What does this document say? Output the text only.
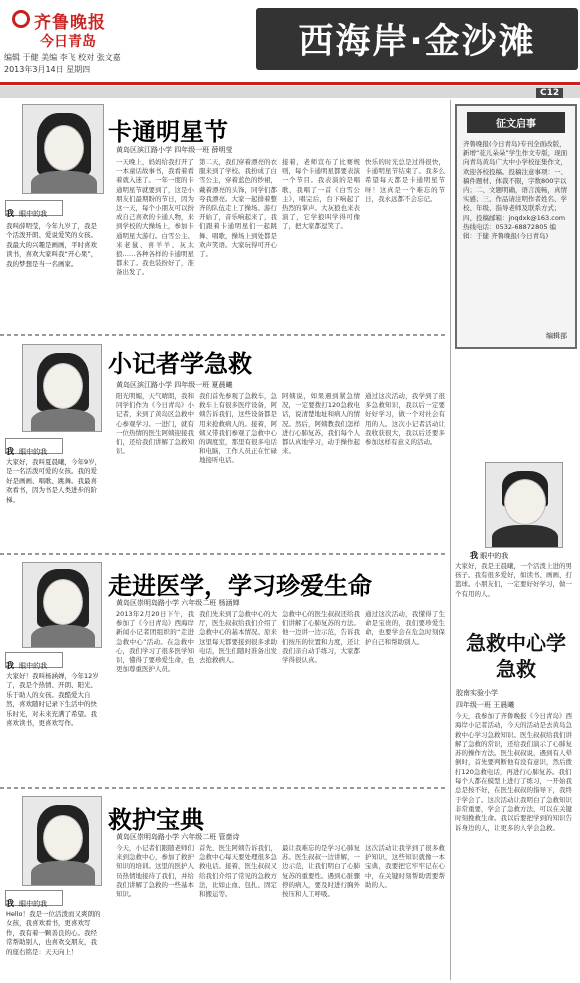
齐鲁晚报
今日青岛
编辑 于健 美编 李飞 校对 张文嘉
2013年3月14日 星期四
西海岸·金沙滩
C12
卡通明星节
黄岛区滨江路小学 四年级一班 薛明莹
我 眼中的我
我叫薛明莹，今年九岁了，我是个活泼开朗、爱说爱笑的女孩。我最大的兴趣是画画，平时喜欢读书，喜欢大家叫我“开心果”，我的梦想是当一名画家。
一天晚上，妈妈给我打开了一本童话故事书，我看着看着就入迷了。一年一度的卡通明星节就要到了，这是小朋友们最期盼的节日，因为这一天，每个小朋友可以扮成自己喜欢的卡通人物，来到学校的大操场上，参加卡通明星大游行。白雪公主、米老鼠、喜羊羊、灰太狼……各种各样的卡通明星都来了。我也装扮好了，准备出发了。
第二天，我们穿着漂亮的衣服来到了学校。我扮成了白雪公主，穿着蓝色的纱裙，戴着漂亮的头饰，同学们都夸我漂亮。大家一起排着整齐的队伍走上了操场。游行开始了，音乐响起来了，我们跟着卡通明星们一起跳舞、唱歌，操场上到处都是欢声笑语。大家玩得可开心了。
接着，老师宣布了比赛规则，每个卡通明星都要表演一个节目。我表演的是唱歌，我唱了一首《白雪公主》，唱完后，台下响起了热烈的掌声。大灰狼也来表演了，它学狼叫学得可像了，把大家都逗笑了。
快乐的时光总是过得很快，卡通明星节结束了。我多么希望每天都是卡通明星节呀！这真是一个难忘的节日，我永远都不会忘记。
小记者学急救
黄岛区滨江路小学 四年级一班 夏晨曦
我 眼中的我
大家好，我叫夏晨曦，今年9岁，是一名活泼可爱的女孩。我的爱好是画画、唱歌、跳舞。我最喜欢看书，因为书是人类进步的阶梯。
阳光明媚，天气晴朗，我和同学们作为《今日青岛》小记者，来到了黄岛区急救中心参观学习。一进门，就有一位热情的医生阿姨迎接我们，还给我们讲解了急救知识。
我们首先参观了急救车，急救车上有很多医疗设备，阿姨告诉我们，这些设备都是用来抢救病人的。接着，阿姨又带我们参观了急救中心的调度室，那里有很多电话和电脑，工作人员正在忙碌地接听电话。
阿姨说，如果遇到紧急情况，一定要拨打120急救电话，说清楚地址和病人的情况。然后，阿姨教我们怎样进行心肺复苏，我们每个人都认真地学习，动手操作起来。
通过这次活动，我学到了很多急救知识，我以后一定要好好学习，做一个对社会有用的人。这次小记者活动让我收获很大，我以后还要多参加这样有意义的活动。
走进医学，学习珍爱生命
黄岛区崇明岛路小学 六年级二班 杨涵婵
我 眼中的我
大家好！我叫杨涵婵，今年12岁了，我是个热情、开朗、阳光、乐于助人的女孩。我酷爱大自然，喜欢随时记录下生活中的快乐时光，对未来充满了希望。我喜欢读书，更喜欢写作。
2013年2月20日下午，我参加了《今日青岛》西海岸新闻小记者团组织的“走进急救中心”活动。在急救中心，我们学习了很多医学知识，懂得了要珍爱生命，也更加尊重医护人员。
我们先来到了急救中心的大厅，医生叔叔给我们介绍了急救中心的基本情况。原来这里每天都要接到很多求助电话，医生们随时准备出发去抢救病人。
急救中心的医生叔叔还给我们讲解了心肺复苏的方法。他一边讲一边示范，告诉我们按压的位置和力度，还让我们亲自动手练习，大家都学得很认真。
通过这次活动，我懂得了生命是宝贵的，我们要珍爱生命，也要学会在危急时刻保护自己和帮助别人。
救护宝典
黄岛区崇明岛路小学 六年级二班 管啬诗
我 眼中的我
Hello！我是一位活泼而又爽朗的女孩，我喜欢看书，更喜欢写作，我有着一颗善良的心。我经常帮助别人，也喜欢交朋友，我的座右铭是：天天向上！
今天，小记者们跟随老师们来到急救中心，参加了救护知识的培训。这里的医护人员热情地接待了我们，并给我们讲解了急救的一些基本知识。
首先，医生阿姨告诉我们，急救中心每天要处理很多急救电话。接着，医生叔叔又给我们介绍了常见的急救方法，比如止血、包扎、固定和搬运等。
最让我难忘的是学习心肺复苏。医生叔叔一边讲解，一边示范，让我们明白了心肺复苏的重要性。遇到心脏骤停的病人，要及时进行胸外按压和人工呼吸。
这次活动让我学到了很多救护知识，这些知识就像一本宝典，我要把它牢牢记在心中，在关键时刻帮助需要帮助的人。
征文启事
齐鲁晚报(今日青岛)专刊全面改版，新增“花儿朵朵”学生作文专版，现面向青岛黄岛广大中小学校征集作文，欢迎各校投稿。投稿注意事项：一、稿件题材、体裁不限，字数800字以内；二、文题明确，语言流畅，真情实感；三、作品请注明作者姓名、学校、年级、指导老师及联系方式；四、投稿邮箱：jnqdxk@163.com 热线电话：0532-68872805 编辑：于健 齐鲁晚报(今日青岛)
编辑部
我 眼中的我
大家好，我是王晨曦，一个活泼上进的男孩子。我有很多爱好，如读书、画画、打篮球。小朋友们，一定要好好学习，做一个有用的人。
急救中心学急救
胶南实验小学
四年级一班 王晨曦
今天，我参加了齐鲁晚报《今日青岛》西海岸小记者活动，今天的活动是去黄岛急救中心学习急救知识。医生叔叔给我们讲解了急救的常识，还给我们演示了心肺复苏的操作方法。医生叔叔说，遇到有人晕倒时，首先要判断他有没有意识，然后拨打120急救电话，再进行心肺复苏。我们每个人都在模型上进行了练习，一开始我总是按不好，在医生叔叔的指导下，我终于学会了。这次活动让我明白了急救知识非常重要，学会了急救方法，可以在关键时刻挽救生命。我以后要把学到的知识告诉身边的人，让更多的人学会急救。
